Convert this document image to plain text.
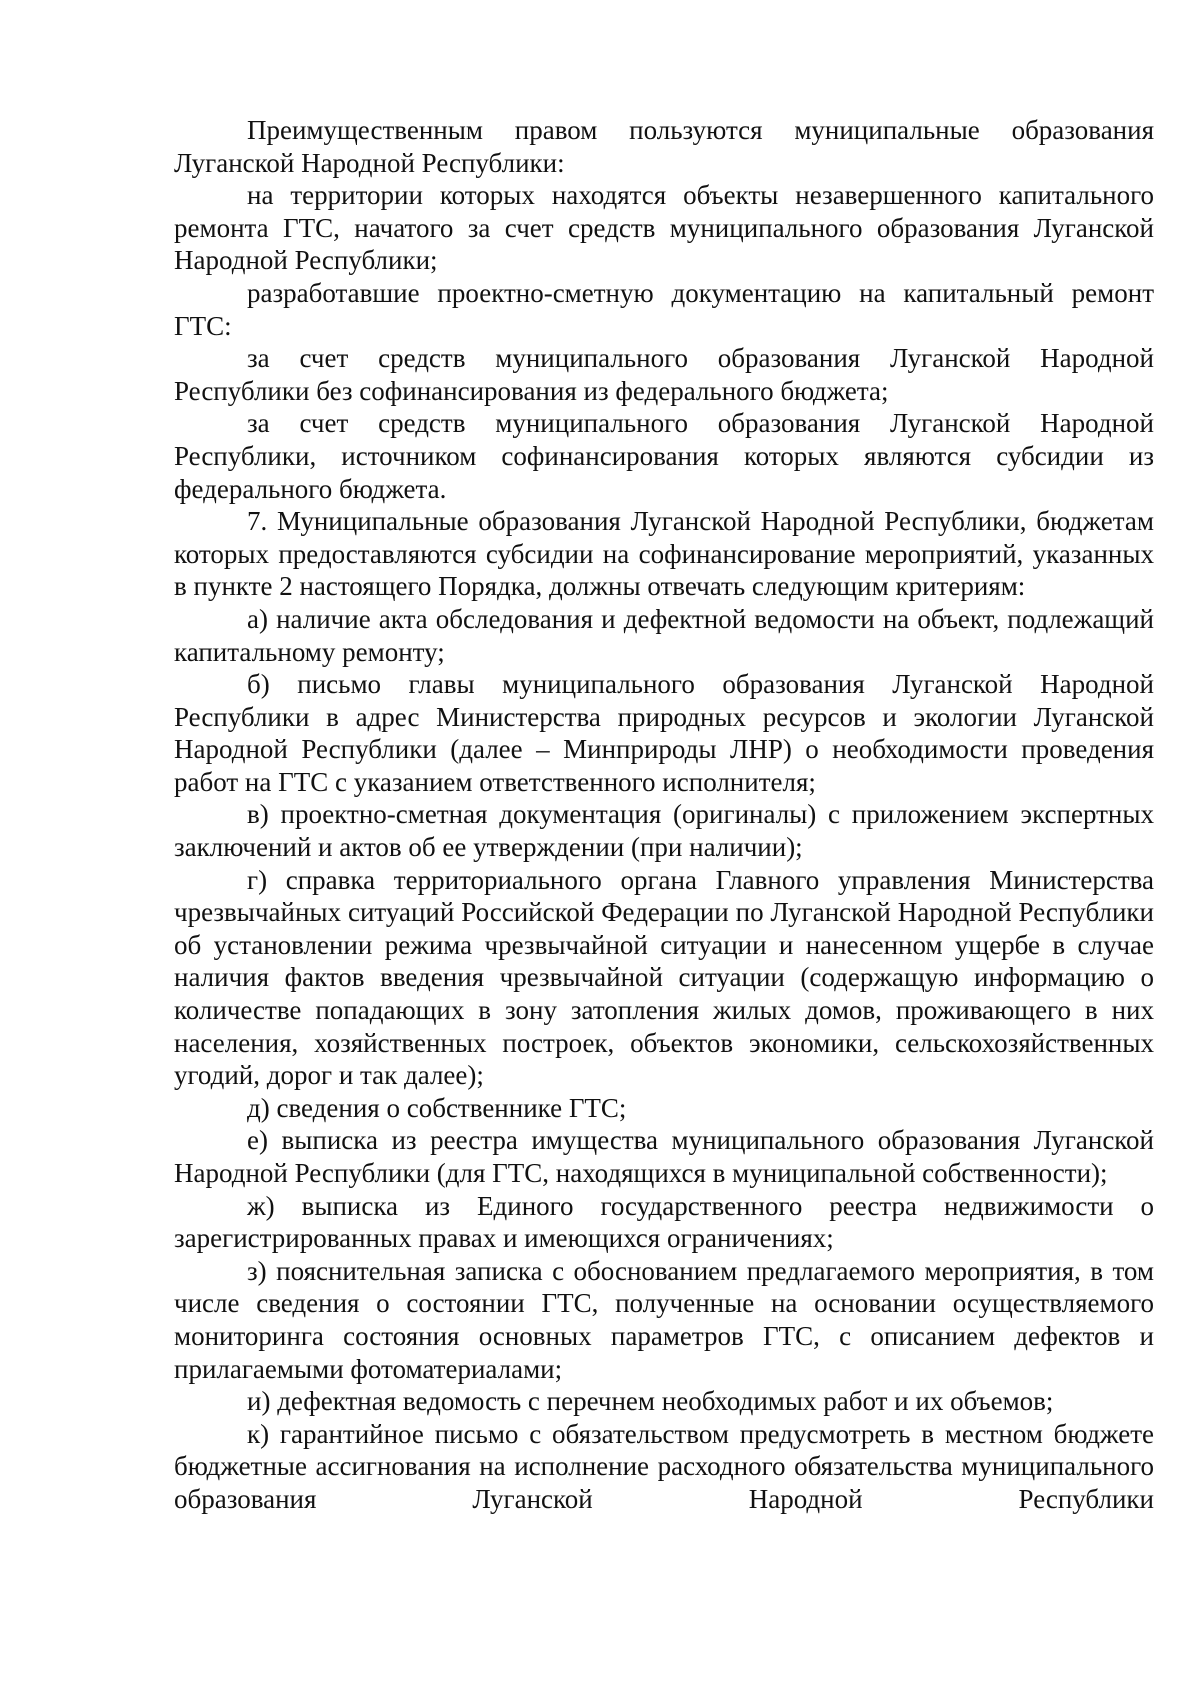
Преимущественным правом пользуются муниципальные образования Луганской Народной Республики:

на территории которых находятся объекты незавершенного капитального ремонта ГТС, начатого за счет средств муниципального образования Луганской Народной Республики;

разработавшие проектно-сметную документацию на капитальный ремонт ГТС:

за счет средств муниципального образования Луганской Народной Республики без софинансирования из федерального бюджета;

за счет средств муниципального образования Луганской Народной Республики, источником софинансирования которых являются субсидии из федерального бюджета.

7. Муниципальные образования Луганской Народной Республики, бюджетам которых предоставляются субсидии на софинансирование мероприятий, указанных в пункте 2 настоящего Порядка, должны отвечать следующим критериям:

а) наличие акта обследования и дефектной ведомости на объект, подлежащий капитальному ремонту;

б) письмо главы муниципального образования Луганской Народной Республики в адрес Министерства природных ресурсов и экологии Луганской Народной Республики (далее – Минприроды ЛНР) о необходимости проведения работ на ГТС с указанием ответственного исполнителя;

в) проектно-сметная документация (оригиналы) с приложением экспертных заключений и актов об ее утверждении (при наличии);

г) справка территориального органа Главного управления Министерства чрезвычайных ситуаций Российской Федерации по Луганской Народной Республики об установлении режима чрезвычайной ситуации и нанесенном ущербе в случае наличия фактов введения чрезвычайной ситуации (содержащую информацию о количестве попадающих в зону затопления жилых домов, проживающего в них населения, хозяйственных построек, объектов экономики, сельскохозяйственных угодий, дорог и так далее);

д) сведения о собственнике ГТС;

е) выписка из реестра имущества муниципального образования Луганской Народной Республики (для ГТС, находящихся в муниципальной собственности);

ж) выписка из Единого государственного реестра недвижимости о зарегистрированных правах и имеющихся ограничениях;

з) пояснительная записка с обоснованием предлагаемого мероприятия, в том числе сведения о состоянии ГТС, полученные на основании осуществляемого мониторинга состояния основных параметров ГТС, с описанием дефектов и прилагаемыми фотоматериалами;

и) дефектная ведомость с перечнем необходимых работ и их объемов;

к) гарантийное письмо с обязательством предусмотреть в местном бюджете бюджетные ассигнования на исполнение расходного обязательства муниципального образования Луганской Народной Республики
